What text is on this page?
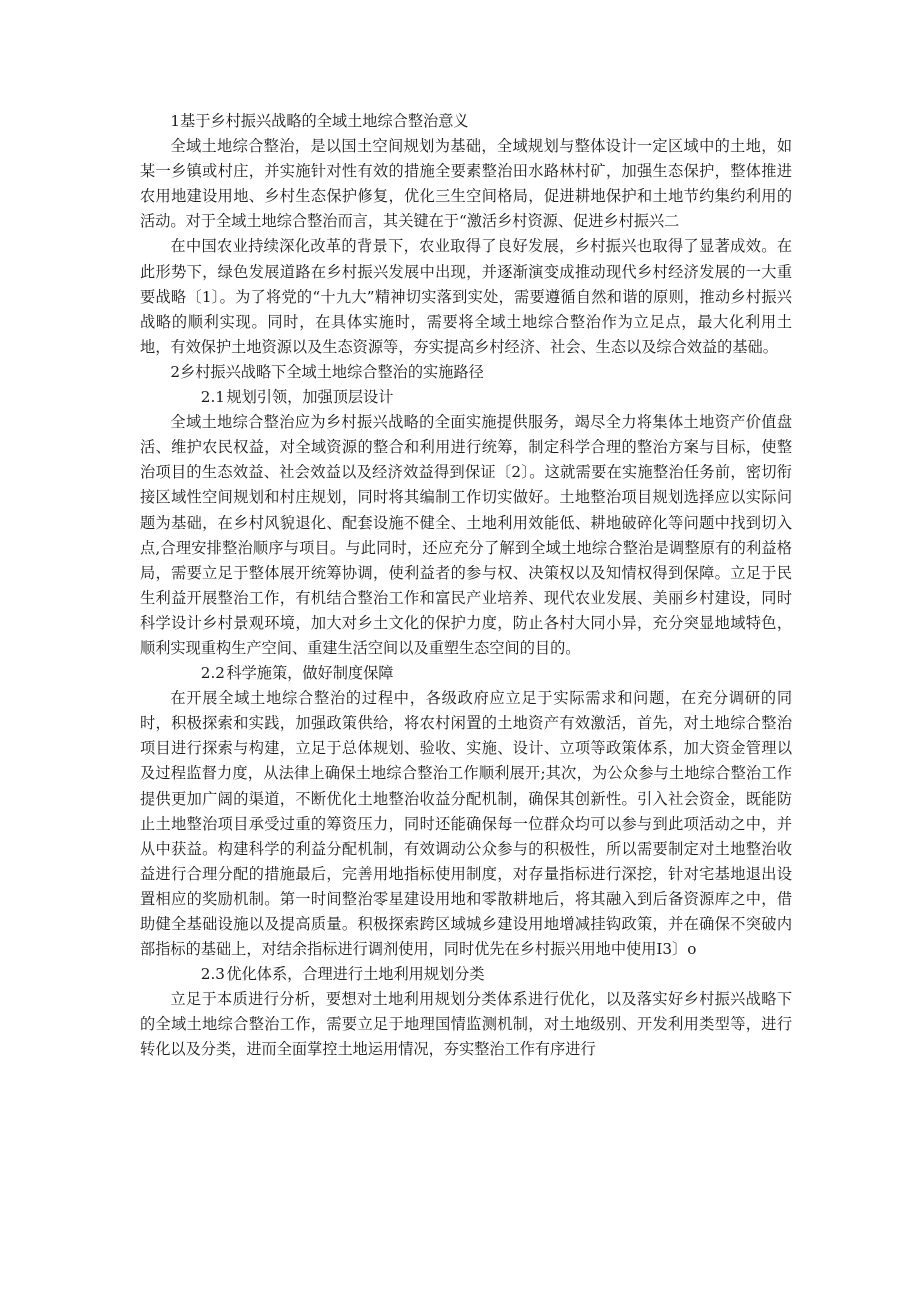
1基于乡村振兴战略的全域土地综合整治意义

全域土地综合整治，是以国土空间规划为基础，全域规划与整体设计一定区域中的土地，如某一乡镇或村庄，并实施针对性有效的措施全要素整治田水路林村矿，加强生态保护，整体推进农用地建设用地、乡村生态保护修复，优化三生空间格局，促进耕地保护和土地节约集约利用的活动。对于全域土地综合整治而言，其关键在于“激活乡村资源、促进乡村振兴二

在中国农业持续深化改革的背景下，农业取得了良好发展，乡村振兴也取得了显著成效。在此形势下，绿色发展道路在乡村振兴发展中出现，并逐渐演变成推动现代乡村经济发展的一大重要战略〔1〕。为了将党的“十九大”精神切实落到实处，需要遵循自然和谐的原则，推动乡村振兴战略的顺利实现。同时，在具体实施时，需要将全域土地综合整治作为立足点，最大化利用土地，有效保护土地资源以及生态资源等，夯实提高乡村经济、社会、生态以及综合效益的基础。

2乡村振兴战略下全域土地综合整治的实施路径
2.1规划引领，加强顶层设计

全域土地综合整治应为乡村振兴战略的全面实施提供服务，竭尽全力将集体土地资产价值盘活、维护农民权益，对全域资源的整合和利用进行统筹，制定科学合理的整治方案与目标，使整治项目的生态效益、社会效益以及经济效益得到保证〔2〕。这就需要在实施整治任务前，密切衔接区域性空间规划和村庄规划，同时将其编制工作切实做好。土地整治项目规划选择应以实际问题为基础，在乡村风貌退化、配套设施不健全、土地利用效能低、耕地破碎化等问题中找到切入点,合理安排整治顺序与项目。与此同时，还应充分了解到全域土地综合整治是调整原有的利益格局，需要立足于整体展开统筹协调，使利益者的参与权、决策权以及知情权得到保障。立足于民生利益开展整治工作，有机结合整治工作和富民产业培养、现代农业发展、美丽乡村建设，同时科学设计乡村景观环境，加大对乡土文化的保护力度，防止各村大同小异，充分突显地域特色，顺利实现重构生产空间、重建生活空间以及重塑生态空间的目的。

2.2科学施策，做好制度保障

在开展全域土地综合整治的过程中，各级政府应立足于实际需求和问题，在充分调研的同时，积极探索和实践，加强政策供给，将农村闲置的土地资产有效激活，首先，对土地综合整治项目进行探索与构建，立足于总体规划、验收、实施、设计、立项等政策体系，加大资金管理以及过程监督力度，从法律上确保土地综合整治工作顺利展开;其次，为公众参与土地综合整治工作提供更加广阔的渠道，不断优化土地整治收益分配机制，确保其创新性。引入社会资金，既能防止土地整治项目承受过重的筹资压力，同时还能确保每一位群众均可以参与到此项活动之中，并从中获益。构建科学的利益分配机制，有效调动公众参与的积极性，所以需要制定对土地整治收益进行合理分配的措施最后，完善用地指标使用制度，对存量指标进行深挖，针对宅基地退出设置相应的奖励机制。第一时间整治零星建设用地和零散耕地后，将其融入到后备资源库之中，借助健全基础设施以及提高质量。积极探索跨区域城乡建设用地增减挂钩政策，并在确保不突破内部指标的基础上，对结余指标进行调剂使用，同时优先在乡村振兴用地中使用I3〕o

2.3优化体系，合理进行土地利用规划分类

立足于本质进行分析，要想对土地利用规划分类体系进行优化，以及落实好乡村振兴战略下的全域土地综合整治工作，需要立足于地理国情监测机制，对土地级别、开发利用类型等，进行转化以及分类，进而全面掌控土地运用情况，夯实整治工作有序进行
